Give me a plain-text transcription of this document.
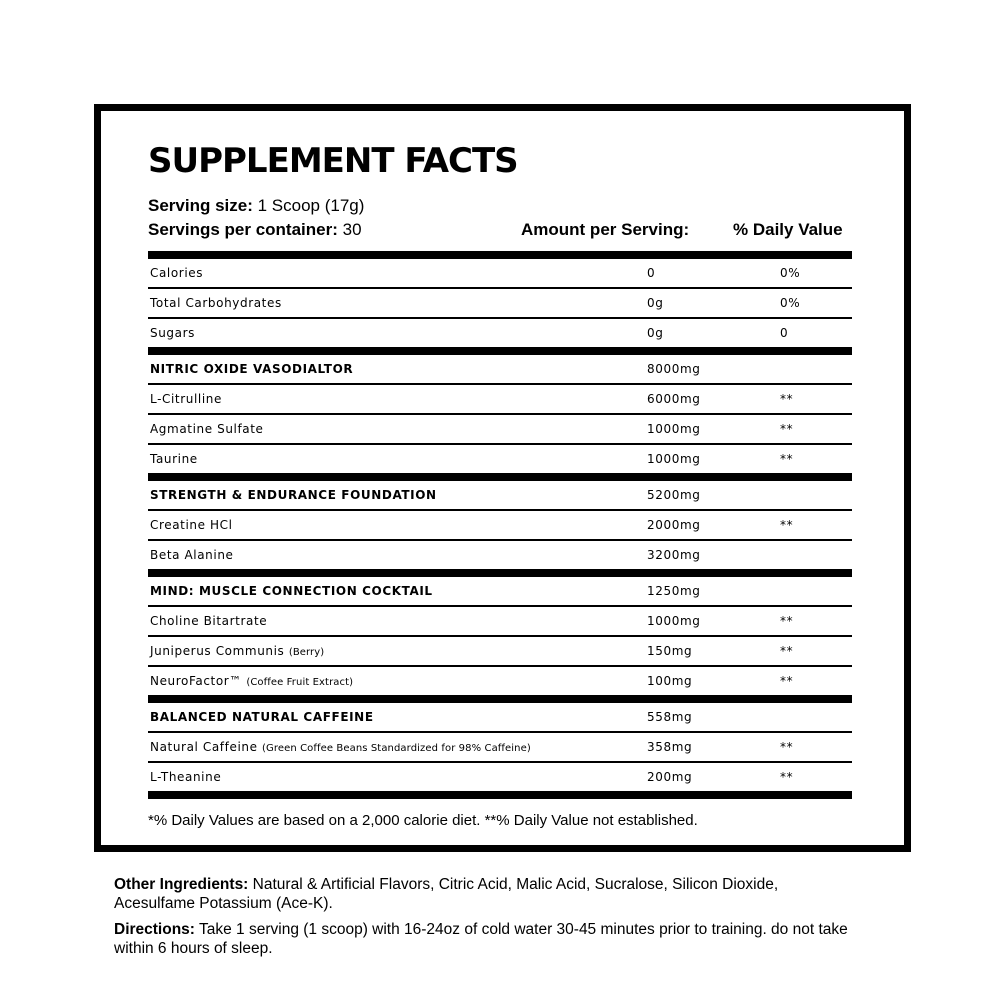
SUPPLEMENT FACTS
Serving size: 1 Scoop (17g)
Servings per container: 30	Amount per Serving:	% Daily Value
Calories	0	0%
Total Carbohydrates	0g	0%
Sugars	0g	0
NITRIC OXIDE VASODIALTOR	8000mg
L-Citrulline	6000mg	**
Agmatine Sulfate	1000mg	**
Taurine	1000mg	**
STRENGTH & ENDURANCE FOUNDATION	5200mg
Creatine HCl	2000mg	**
Beta Alanine	3200mg
MIND: MUSCLE CONNECTION COCKTAIL	1250mg
Choline Bitartrate	1000mg	**
Juniperus Communis (Berry)	150mg	**
NeuroFactor™ (Coffee Fruit Extract)	100mg	**
BALANCED NATURAL CAFFEINE	558mg
Natural Caffeine (Green Coffee Beans Standardized for 98% Caffeine)	358mg	**
L-Theanine	200mg	**
*% Daily Values are based on a 2,000 calorie diet. **% Daily Value not established.
Other Ingredients: Natural & Artificial Flavors, Citric Acid, Malic Acid, Sucralose, Silicon Dioxide, Acesulfame Potassium (Ace-K).
Directions: Take 1 serving (1 scoop) with 16-24oz of cold water 30-45 minutes prior to training. do not take within 6 hours of sleep.
